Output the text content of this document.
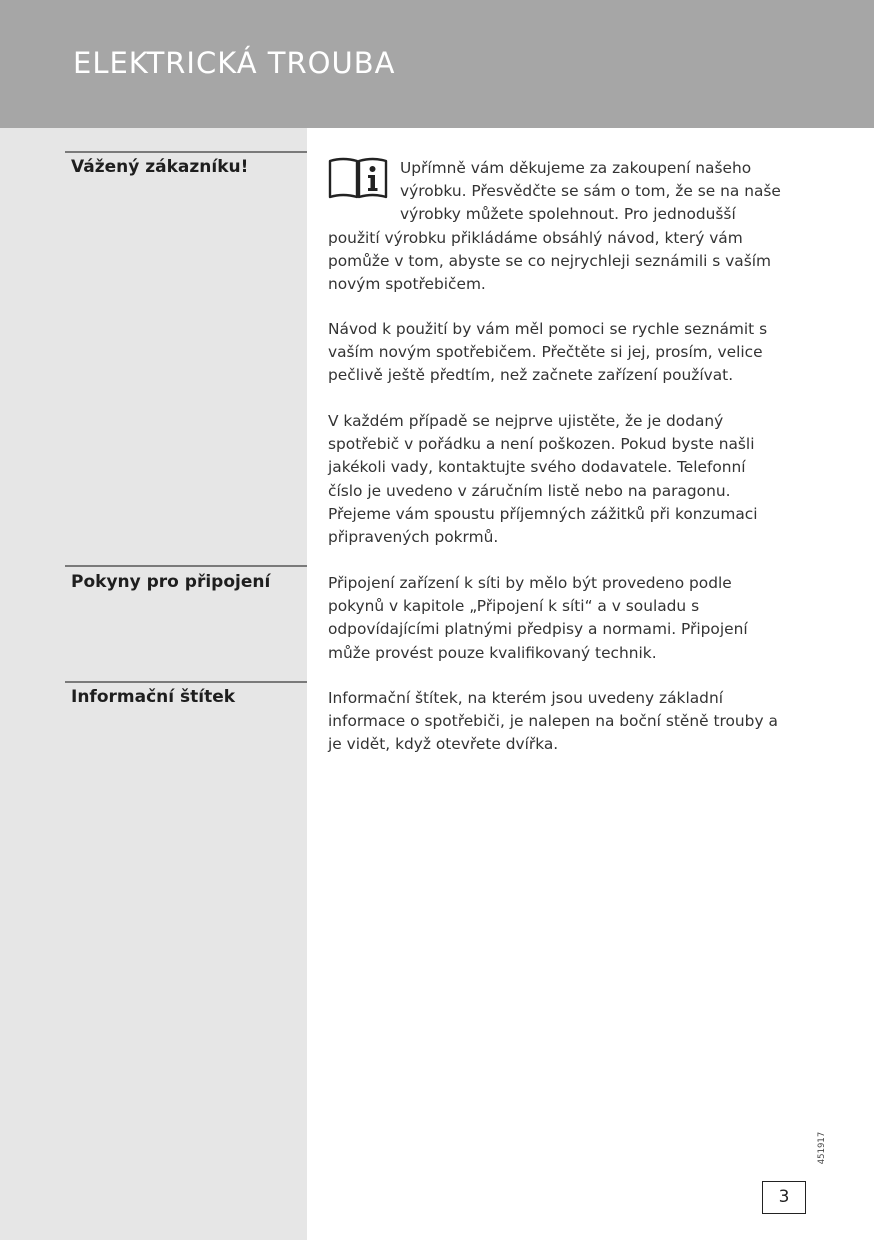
ELEKTRICKÁ TROUBA
Vážený zákazníku!	Upřímně vám děkujeme za zakoupení našeho
výrobku. Přesvědčte se sám o tom, že se na naše
výrobky můžete spolehnout. Pro jednodušší
použití výrobku přikládáme obsáhlý návod, který vám
pomůže v tom, abyste se co nejrychleji seznámili s vaším
novým spotřebičem.

Návod k použití by vám měl pomoci se rychle seznámit s
vaším novým spotřebičem. Přečtěte si jej, prosím, velice
pečlivě ještě předtím, než začnete zařízení používat.

V každém případě se nejprve ujistěte, že je dodaný
spotřebič v pořádku a není poškozen. Pokud byste našli
jakékoli vady, kontaktujte svého dodavatele. Telefonní
číslo je uvedeno v záručním listě nebo na paragonu.
Přejeme vám spoustu příjemných zážitků při konzumaci
připravených pokrmů.

Pokyny pro připojení	Připojení zařízení k síti by mělo být provedeno podle
pokynů v kapitole „Připojení k síti“ a v souladu s
odpovídajícími platnými předpisy a normami. Připojení
může provést pouze kvalifikovaný technik.

Informační štítek	Informační štítek, na kterém jsou uvedeny základní
informace o spotřebiči, je nalepen na boční stěně trouby a
je vidět, když otevřete dvířka.

451917
3
